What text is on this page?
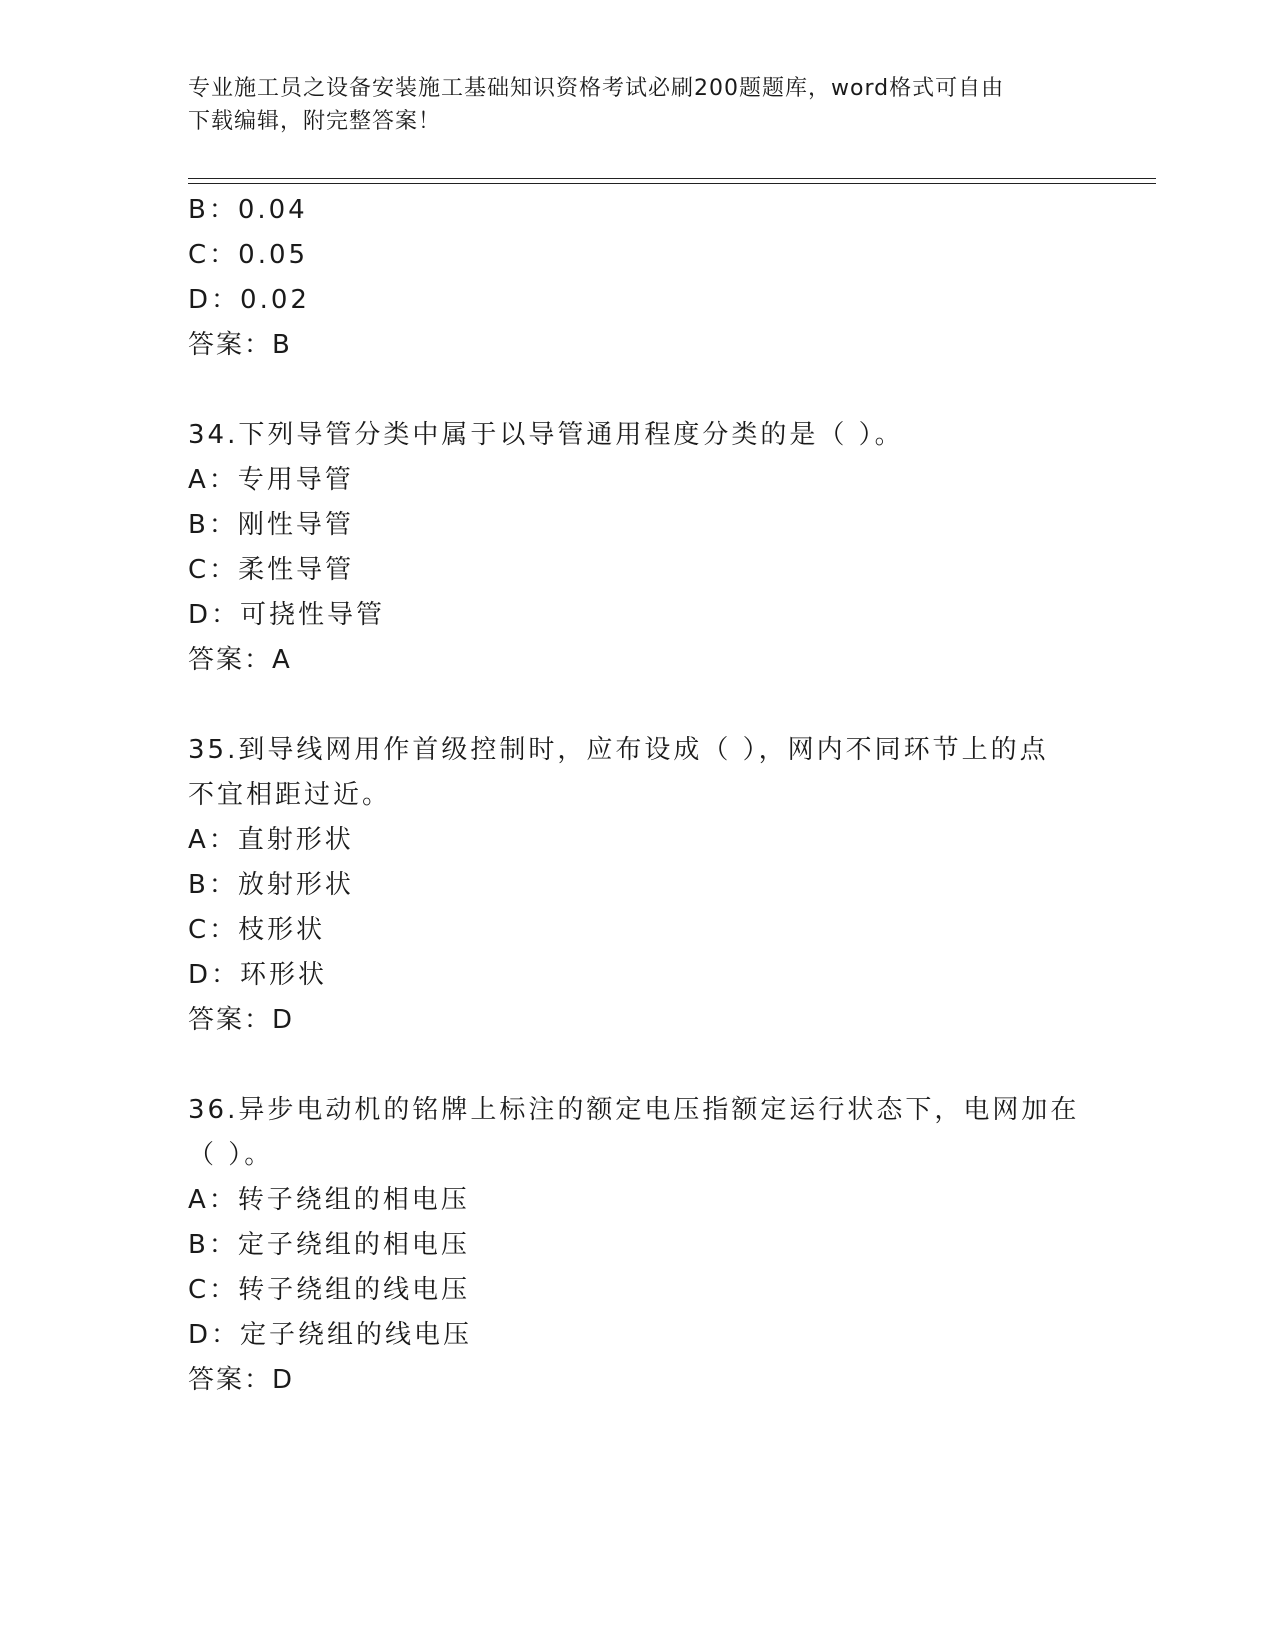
专业施工员之设备安装施工基础知识资格考试必刷200题题库，word格式可自由
下载编辑，附完整答案！
B：0.04
C：0.05
D：0.02
答案：B
34.下列导管分类中属于以导管通用程度分类的是（ ）。
A：专用导管
B：刚性导管
C：柔性导管
D：可挠性导管
答案：A
35.到导线网用作首级控制时，应布设成（ ），网内不同环节上的点
不宜相距过近。
A：直射形状
B：放射形状
C：枝形状
D：环形状
答案：D
36.异步电动机的铭牌上标注的额定电压指额定运行状态下，电网加在
（ ）。
A：转子绕组的相电压
B：定子绕组的相电压
C：转子绕组的线电压
D：定子绕组的线电压
答案：D
